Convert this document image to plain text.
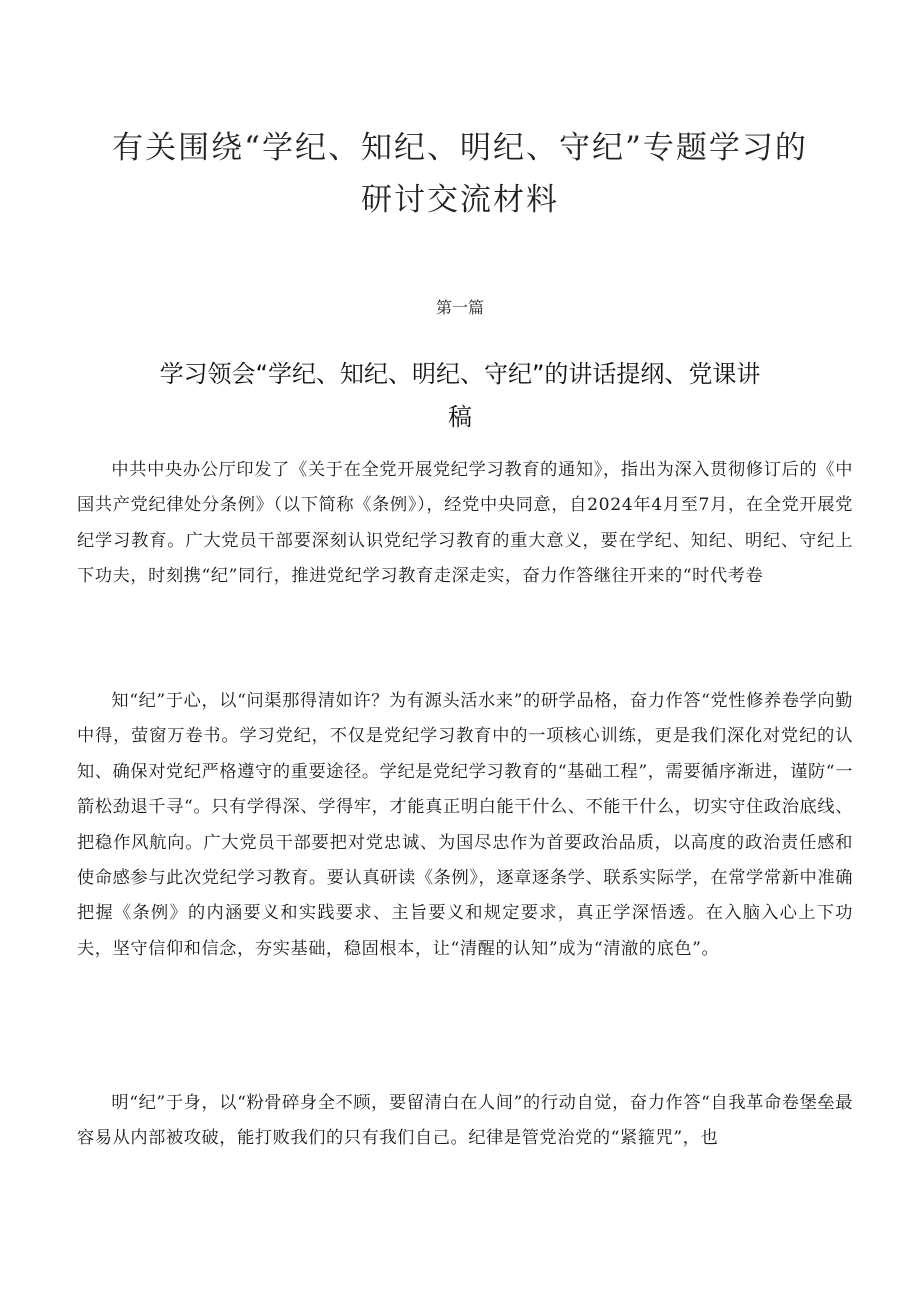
有关围绕“学纪、知纪、明纪、守纪”专题学习的
研讨交流材料

第一篇

学习领会“学纪、知纪、明纪、守纪”的讲话提纲、党课讲
稿

中共中央办公厅印发了《关于在全党开展党纪学习教育的通知》，指出为深入贯彻修订后的《中国共产党纪律处分条例》（以下简称《条例》），经党中央同意，自2024年4月至7月，在全党开展党纪学习教育。广大党员干部要深刻认识党纪学习教育的重大意义，要在学纪、知纪、明纪、守纪上下功夫，时刻携“纪”同行，推进党纪学习教育走深走实，奋力作答继往开来的“时代考卷

知“纪”于心，以“问渠那得清如许？为有源头活水来”的研学品格，奋力作答“党性修养卷学向勤中得，萤窗万卷书。学习党纪，不仅是党纪学习教育中的一项核心训练，更是我们深化对党纪的认知、确保对党纪严格遵守的重要途径。学纪是党纪学习教育的“基础工程”，需要循序渐进，谨防“一箭松劲退千寻“。只有学得深、学得牢，才能真正明白能干什么、不能干什么，切实守住政治底线、把稳作风航向。广大党员干部要把对党忠诚、为国尽忠作为首要政治品质，以高度的政治责任感和使命感参与此次党纪学习教育。要认真研读《条例》，逐章逐条学、联系实际学，在常学常新中准确把握《条例》的内涵要义和实践要求、主旨要义和规定要求，真正学深悟透。在入脑入心上下功夫，坚守信仰和信念，夯实基础，稳固根本，让“清醒的认知”成为“清澈的底色”。

明“纪”于身，以“粉骨碎身全不顾，要留清白在人间”的行动自觉，奋力作答“自我革命卷堡垒最容易从内部被攻破，能打败我们的只有我们自己。纪律是管党治党的“紧箍咒”，也
